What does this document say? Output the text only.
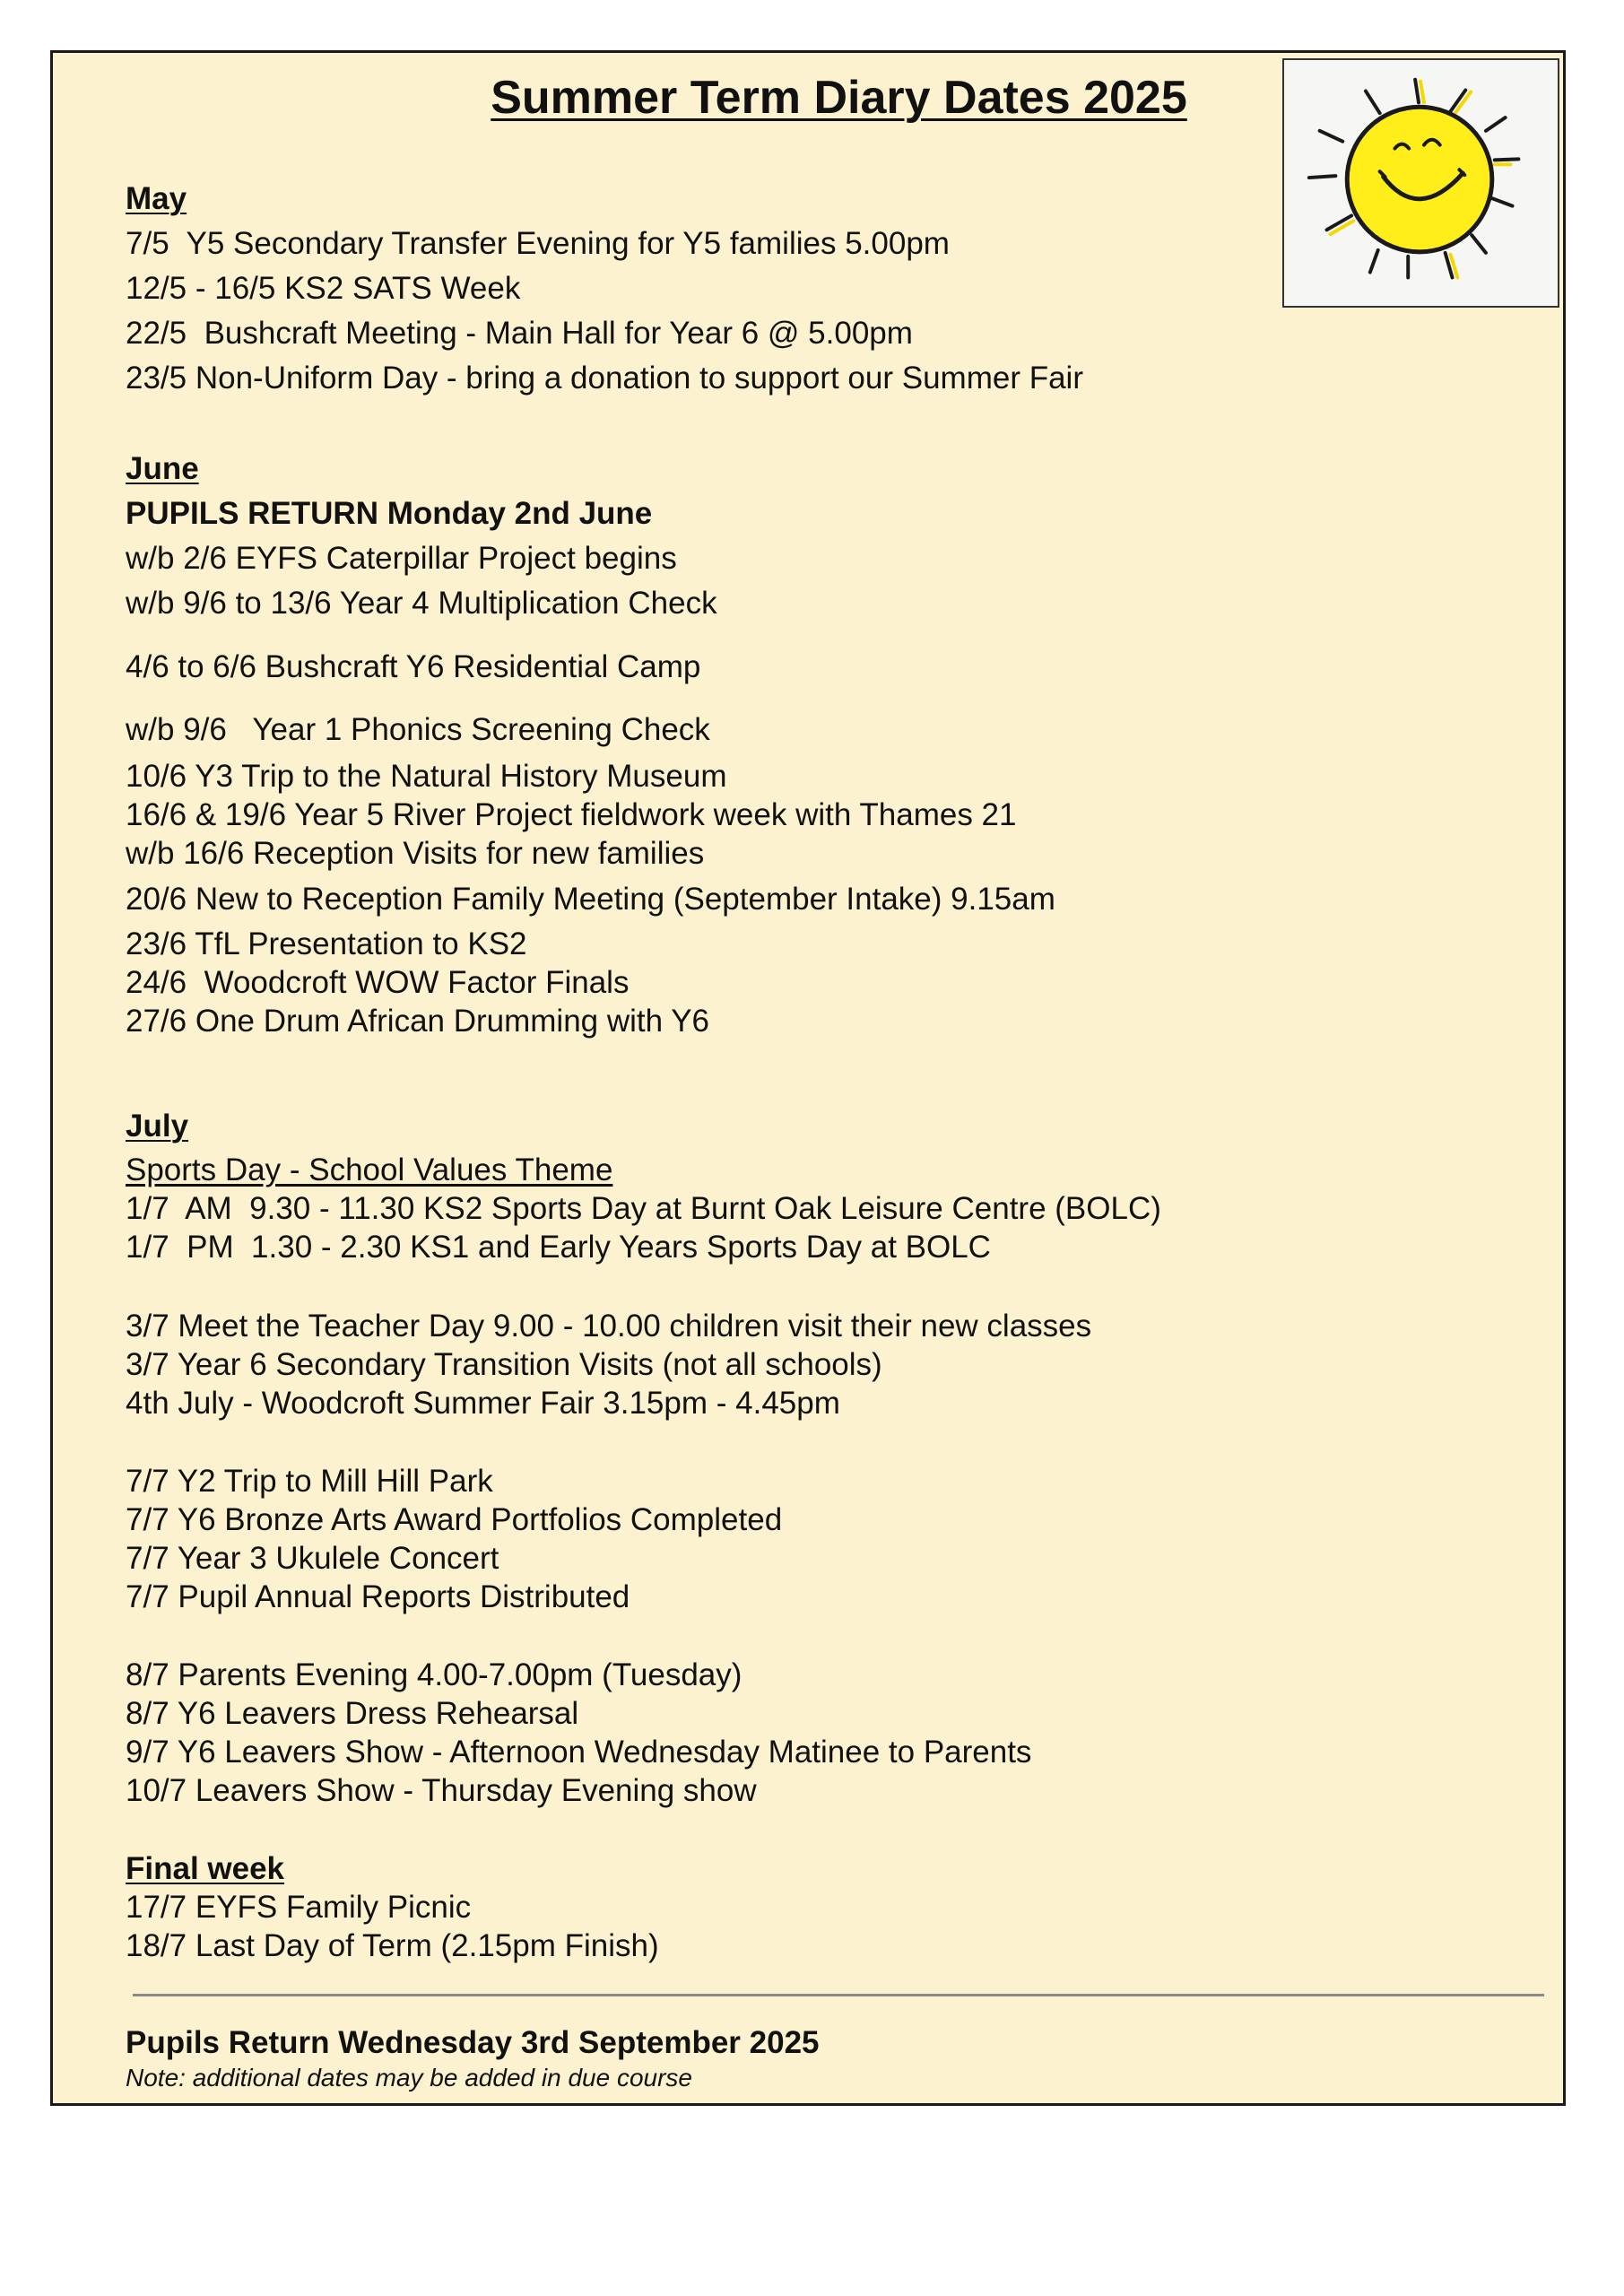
Summer Term Diary Dates 2025

May

7/5  Y5 Secondary Transfer Evening for Y5 families 5.00pm

12/5 - 16/5 KS2 SATS Week

22/5  Bushcraft Meeting - Main Hall for Year 6 @ 5.00pm

23/5 Non-Uniform Day - bring a donation to support our Summer Fair

June

PUPILS RETURN Monday 2nd June

w/b 2/6 EYFS Caterpillar Project begins

w/b 9/6 to 13/6 Year 4 Multiplication Check

4/6 to 6/6 Bushcraft Y6 Residential Camp

w/b 9/6   Year 1 Phonics Screening Check

10/6 Y3 Trip to the Natural History Museum

16/6 & 19/6 Year 5 River Project fieldwork week with Thames 21

w/b 16/6 Reception Visits for new families

20/6 New to Reception Family Meeting (September Intake) 9.15am

23/6 TfL Presentation to KS2

24/6  Woodcroft WOW Factor Finals

27/6 One Drum African Drumming with Y6

July

Sports Day - School Values Theme

1/7  AM  9.30 - 11.30 KS2 Sports Day at Burnt Oak Leisure Centre (BOLC)

1/7  PM  1.30 - 2.30 KS1 and Early Years Sports Day at BOLC

3/7 Meet the Teacher Day 9.00 - 10.00 children visit their new classes

3/7 Year 6 Secondary Transition Visits (not all schools)

4th July - Woodcroft Summer Fair 3.15pm - 4.45pm

7/7 Y2 Trip to Mill Hill Park

7/7 Y6 Bronze Arts Award Portfolios Completed

7/7 Year 3 Ukulele Concert

7/7 Pupil Annual Reports Distributed

8/7 Parents Evening 4.00-7.00pm (Tuesday)

8/7 Y6 Leavers Dress Rehearsal

9/7 Y6 Leavers Show - Afternoon Wednesday Matinee to Parents

10/7 Leavers Show - Thursday Evening show

Final week

17/7 EYFS Family Picnic

18/7 Last Day of Term (2.15pm Finish)

Pupils Return Wednesday 3rd September 2025

Note: additional dates may be added in due course
